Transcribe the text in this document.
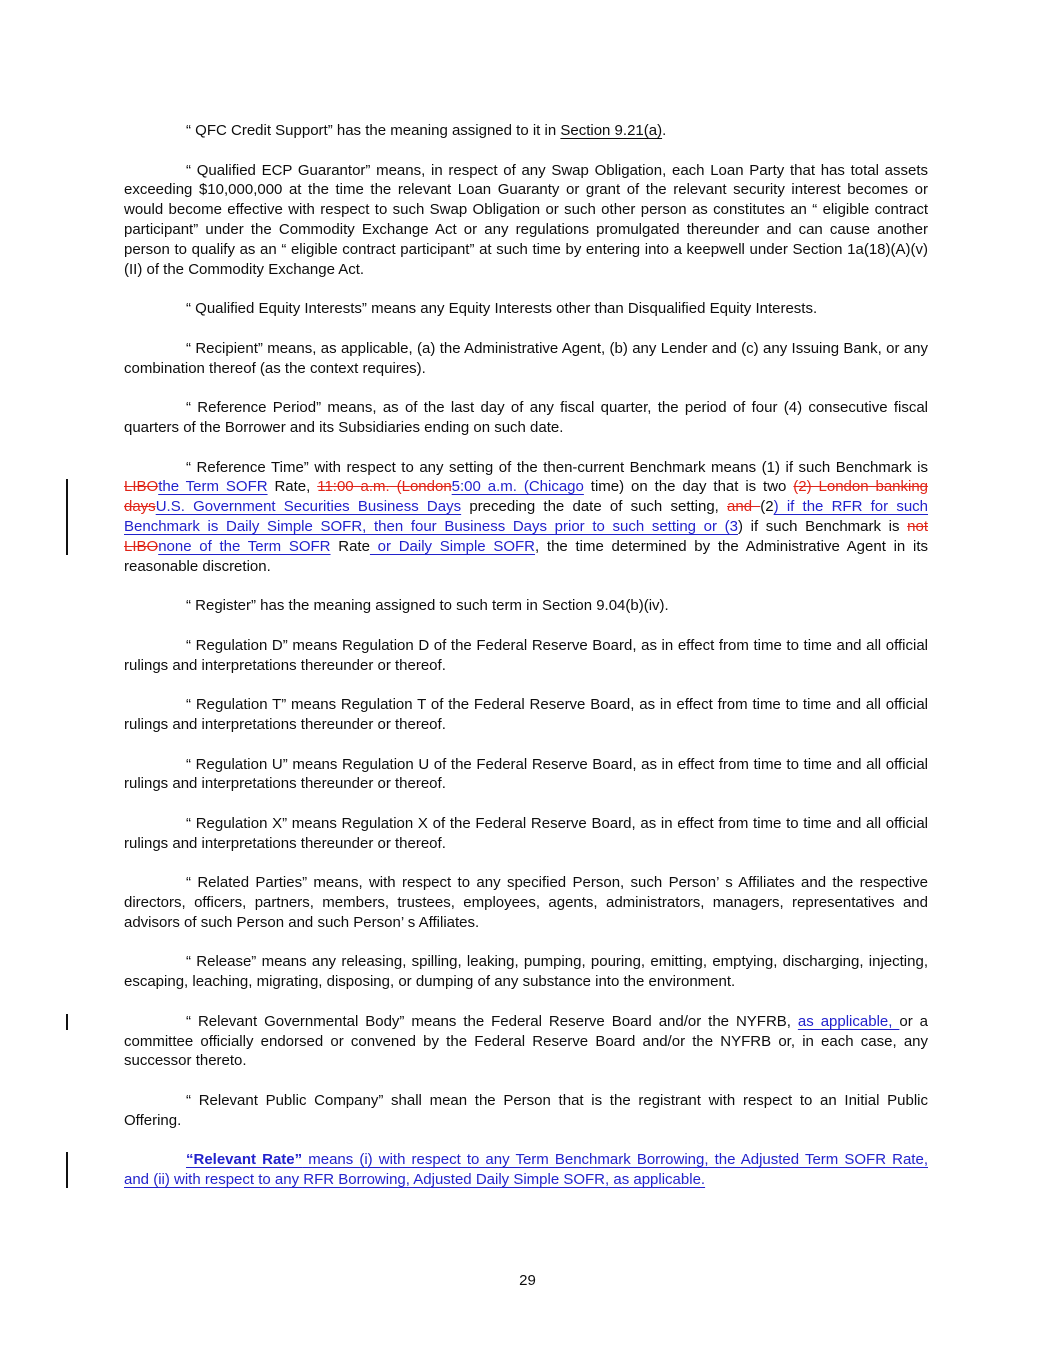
“ QFC Credit Support” has the meaning assigned to it in Section 9.21(a).

“ Qualified ECP Guarantor” means, in respect of any Swap Obligation, each Loan Party that has total assets exceeding $10,000,000 at the time the relevant Loan Guaranty or grant of the relevant security interest becomes or would become effective with respect to such Swap Obligation or such other person as constitutes an “ eligible contract participant” under the Commodity Exchange Act or any regulations promulgated thereunder and can cause another person to qualify as an “ eligible contract participant” at such time by entering into a keepwell under Section 1a(18)(A)(v)(II) of the Commodity Exchange Act.

“ Qualified Equity Interests” means any Equity Interests other than Disqualified Equity Interests.

“ Recipient” means, as applicable, (a) the Administrative Agent, (b) any Lender and (c) any Issuing Bank, or any combination thereof (as the context requires).

“ Reference Period” means, as of the last day of any fiscal quarter, the period of four (4) consecutive fiscal quarters of the Borrower and its Subsidiaries ending on such date.

“ Reference Time” with respect to any setting of the then-current Benchmark means (1) if such Benchmark is LIBOthe Term SOFR Rate, 11:00 a.m. (London5:00 a.m. (Chicago time) on the day that is two (2) London banking daysU.S. Government Securities Business Days preceding the date of such setting, and (2) if the RFR for such Benchmark is Daily Simple SOFR, then four Business Days prior to such setting or (3) if such Benchmark is not LIBOnone of the Term SOFR Rate or Daily Simple SOFR, the time determined by the Administrative Agent in its reasonable discretion.

“ Register” has the meaning assigned to such term in Section 9.04(b)(iv).

“ Regulation D” means Regulation D of the Federal Reserve Board, as in effect from time to time and all official rulings and interpretations thereunder or thereof.

“ Regulation T” means Regulation T of the Federal Reserve Board, as in effect from time to time and all official rulings and interpretations thereunder or thereof.

“ Regulation U” means Regulation U of the Federal Reserve Board, as in effect from time to time and all official rulings and interpretations thereunder or thereof.

“ Regulation X” means Regulation X of the Federal Reserve Board, as in effect from time to time and all official rulings and interpretations thereunder or thereof.

“ Related Parties” means, with respect to any specified Person, such Person’ s Affiliates and the respective directors, officers, partners, members, trustees, employees, agents, administrators, managers, representatives and advisors of such Person and such Person’ s Affiliates.

“ Release” means any releasing, spilling, leaking, pumping, pouring, emitting, emptying, discharging, injecting, escaping, leaching, migrating, disposing, or dumping of any substance into the environment.

“ Relevant Governmental Body” means the Federal Reserve Board and/or the NYFRB, as applicable, or a committee officially endorsed or convened by the Federal Reserve Board and/or the NYFRB or, in each case, any successor thereto.

“ Relevant Public Company” shall mean the Person that is the registrant with respect to an Initial Public Offering.

“Relevant Rate” means (i) with respect to any Term Benchmark Borrowing, the Adjusted Term SOFR Rate, and (ii) with respect to any RFR Borrowing, Adjusted Daily Simple SOFR, as applicable.

29
